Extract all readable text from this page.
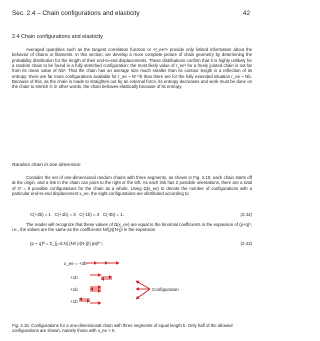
Sec. 2.4 – Chain configurations and elasticity	42
2.4 Chain configurations and elasticity
Averaged quantities such as the tangent correlation function or <r_ee²> provide only limited information about the behavior of chains or filaments. In this section, we develop a more complete picture of chain geometry by determining the probability distribution for the length of their end-to-end displacements. These distributions confirm that it is highly unlikely for a random chain to be found in a fully stretched configuration: the most likely value of r_ee² for a freely jointed chain is not far from its mean value of Nb². That the chain has an average size much smaller than its contour length is a reflection of its entropy: there are far more configurations available for r_ee ~ N¹ᐟ²b than there are for the fully extended situation r_ee ~ Nb. Because of this, as the chain is made to straighten out by an external force, its entropy decreases and work must be done on the chain to stretch it: in other words, the chain behaves elastically because of its entropy.
Random chain in one dimension
Consider the set of one-dimensional random chains with three segments, as shown in Fig. 2.15; each chain starts off at the origin, and a link in the chain can point to the right or the left. As each link has 2 possible orientations, there are a total of 2³ = 8 possible configurations for the chain as a whole. Using Ω(x_ee) to denote the number of configurations with a particular end-to-end displacement x_ee, the eight configurations are distributed according to:
C(+3b) = 1   C(+1b) = 3   C(-1b) = 3   C(-3b) = 1.	(2.42)
The reader will recognize that these values of Ω(x_ee) are equal to the binomial coefficients in the expansion of (p+q)³, i.e., the values are the same as the coefficients N!/(j!)(N-j)! in the expansion
(p + q)ᴺ = Σ_{j=0,N} [N!/ j!(N-j)!] pʲqᴺ⁻ʲ,	(2.43)
x_ee = +3b
+1b
+1b
+1b
Configuration
Fig. 2.15. Configurations for a one-dimensional chain with three segments of equal length b. Only half of the allowed configurations are shown, namely those with x_ee > 0.
